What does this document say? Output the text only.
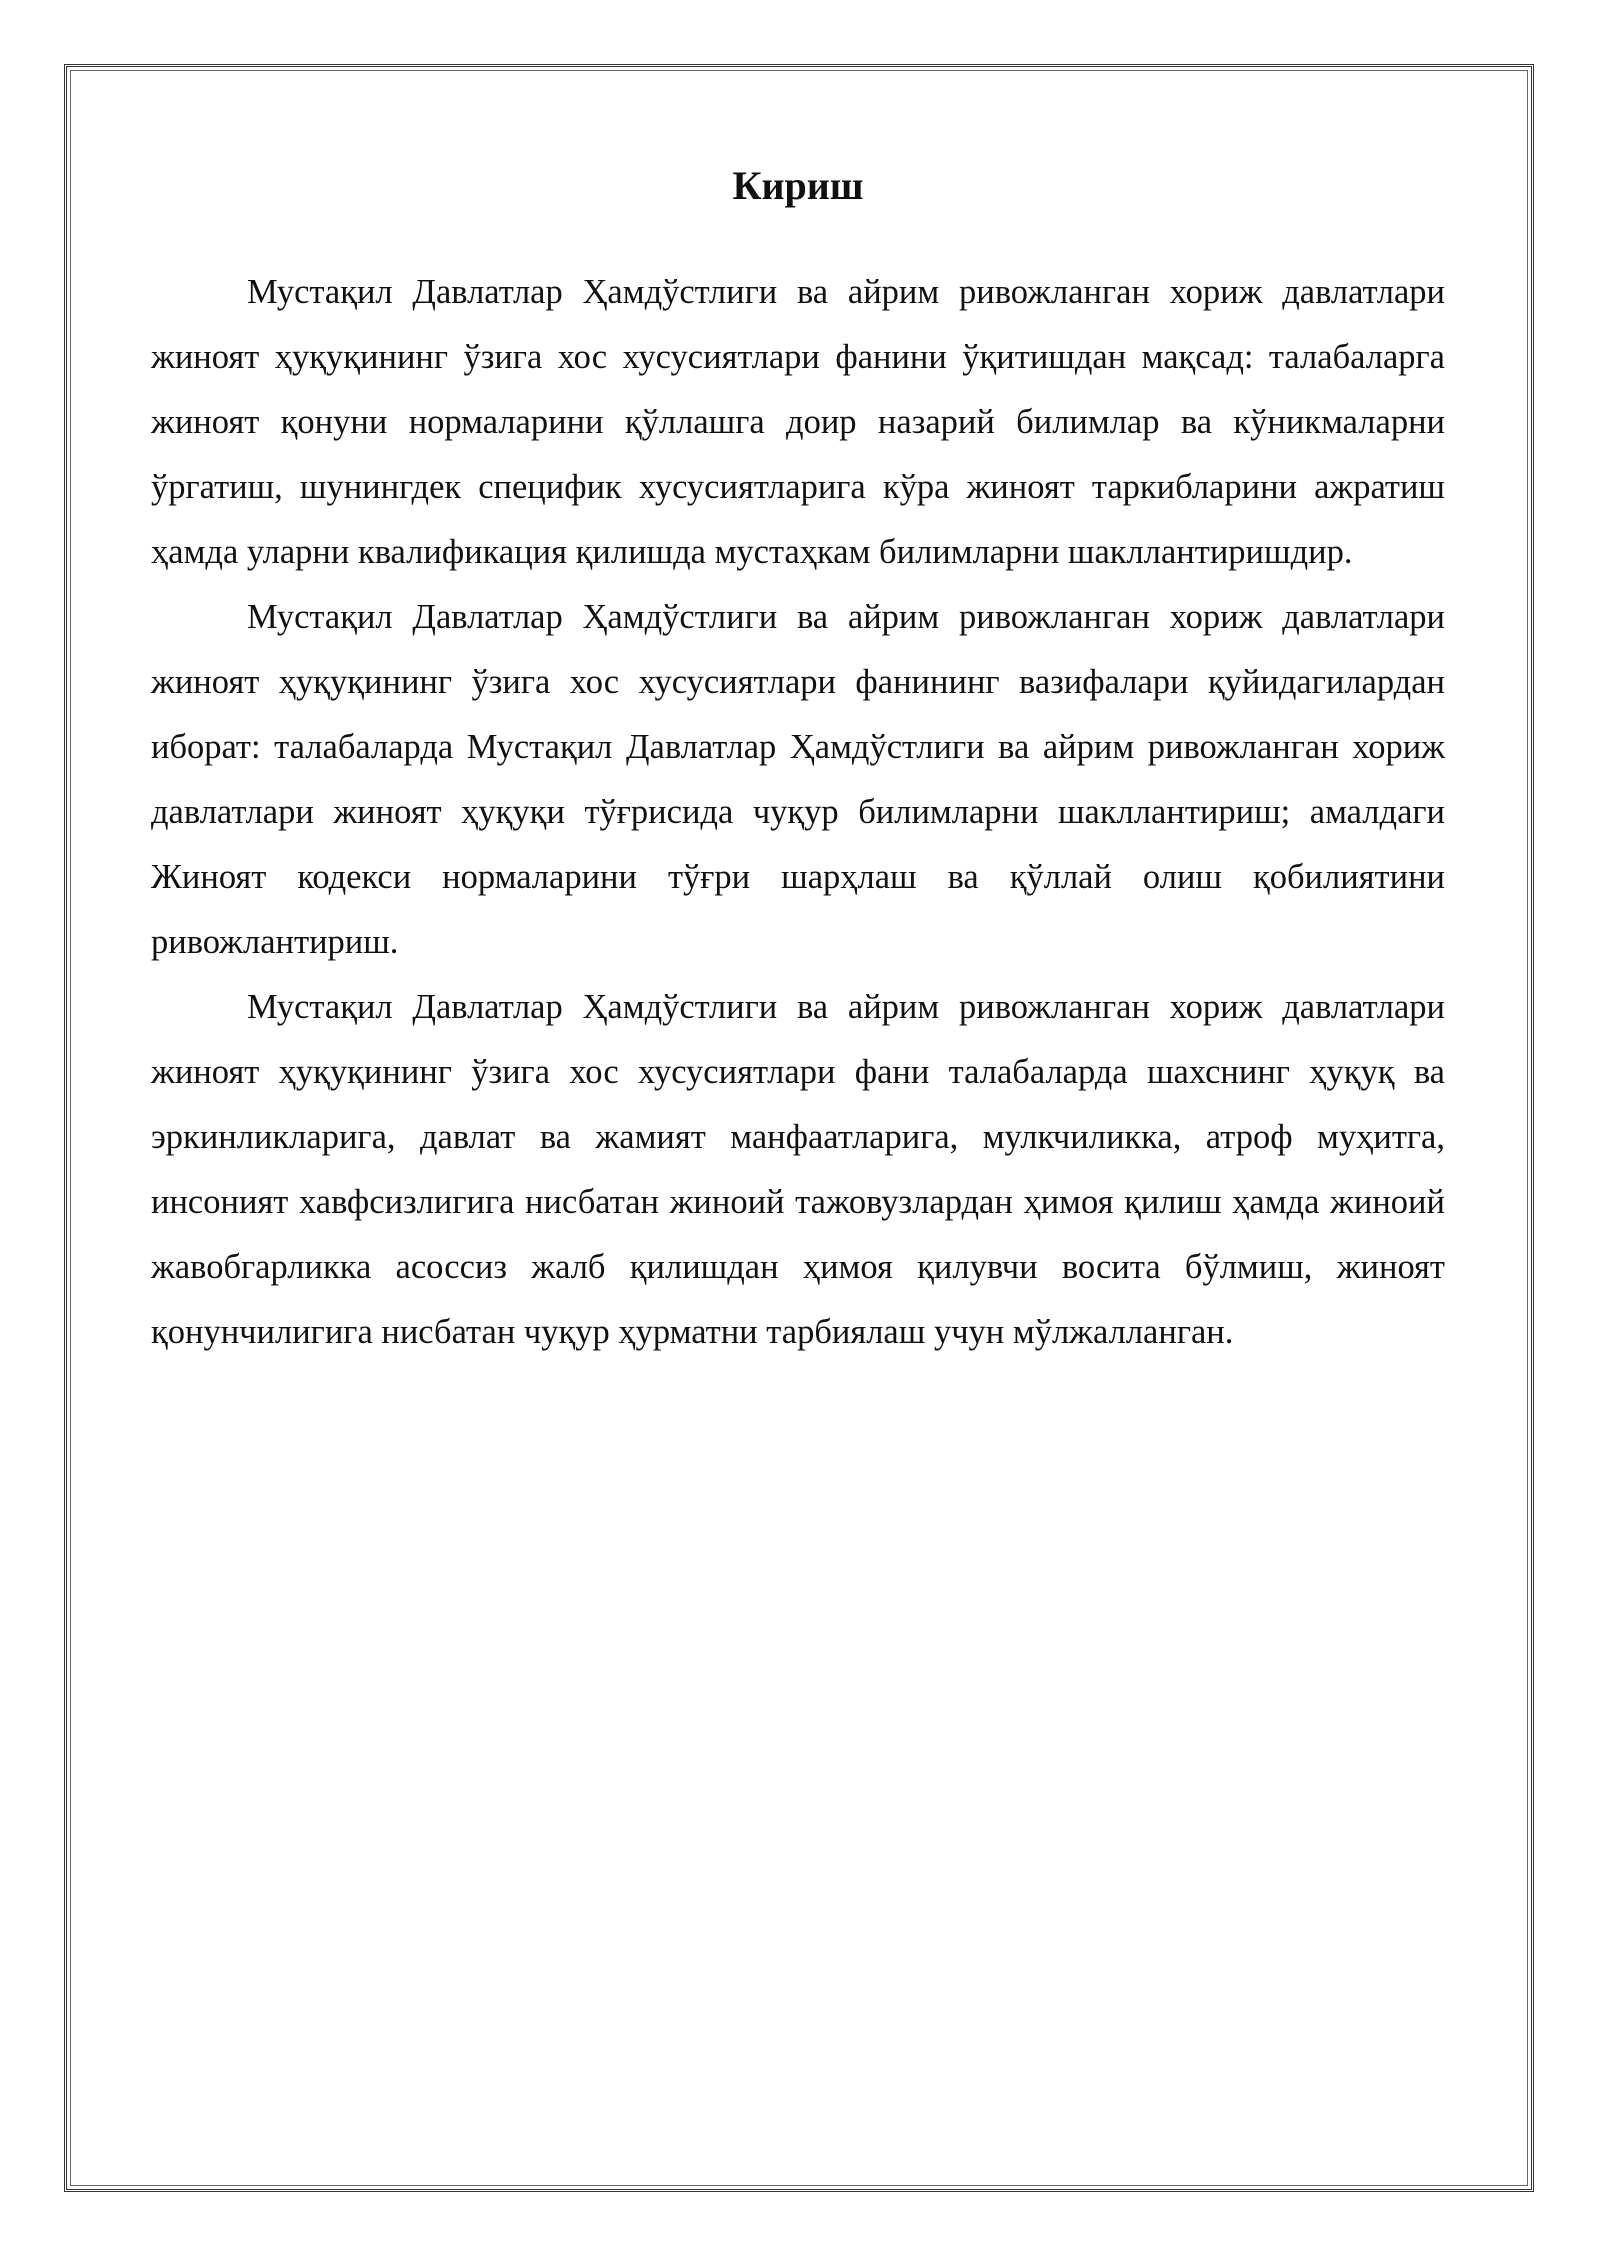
Кириш

Мустақил Давлатлар Ҳамдўстлиги ва айрим ривожланган хориж давлатлари жиноят ҳуқуқининг ўзига хос хусусиятлари фанини ўқитишдан мақсад: талабаларга жиноят қонуни нормаларини қўллашга доир назарий билимлар ва кўникмаларни ўргатиш, шунингдек специфик хусусиятларига кўра жиноят таркибларини ажратиш ҳамда уларни квалификация қилишда мустаҳкам билимларни шакллантиришдир.

Мустақил Давлатлар Ҳамдўстлиги ва айрим ривожланган хориж давлатлари жиноят ҳуқуқининг ўзига хос хусусиятлари фанининг вазифалари қуйидагилардан иборат: талабаларда Мустақил Давлатлар Ҳамдўстлиги ва айрим ривожланган хориж давлатлари жиноят ҳуқуқи тўғрисида чуқур билимларни шакллантириш; амалдаги Жиноят кодекси нормаларини тўғри шарҳлаш ва қўллай олиш қобилиятини ривожлантириш.

Мустақил Давлатлар Ҳамдўстлиги ва айрим ривожланган хориж давлатлари жиноят ҳуқуқининг ўзига хос хусусиятлари фани талабаларда шахснинг ҳуқуқ ва эркинликларига, давлат ва жамият манфаатларига, мулкчиликка, атроф муҳитга, инсоният хавфсизлигига нисбатан жиноий тажовузлардан ҳимоя қилиш ҳамда жиноий жавобгарликка асоссиз жалб қилишдан ҳимоя қилувчи восита бўлмиш, жиноят қонунчилигига нисбатан чуқур ҳурматни тарбиялаш учун мўлжалланган.
